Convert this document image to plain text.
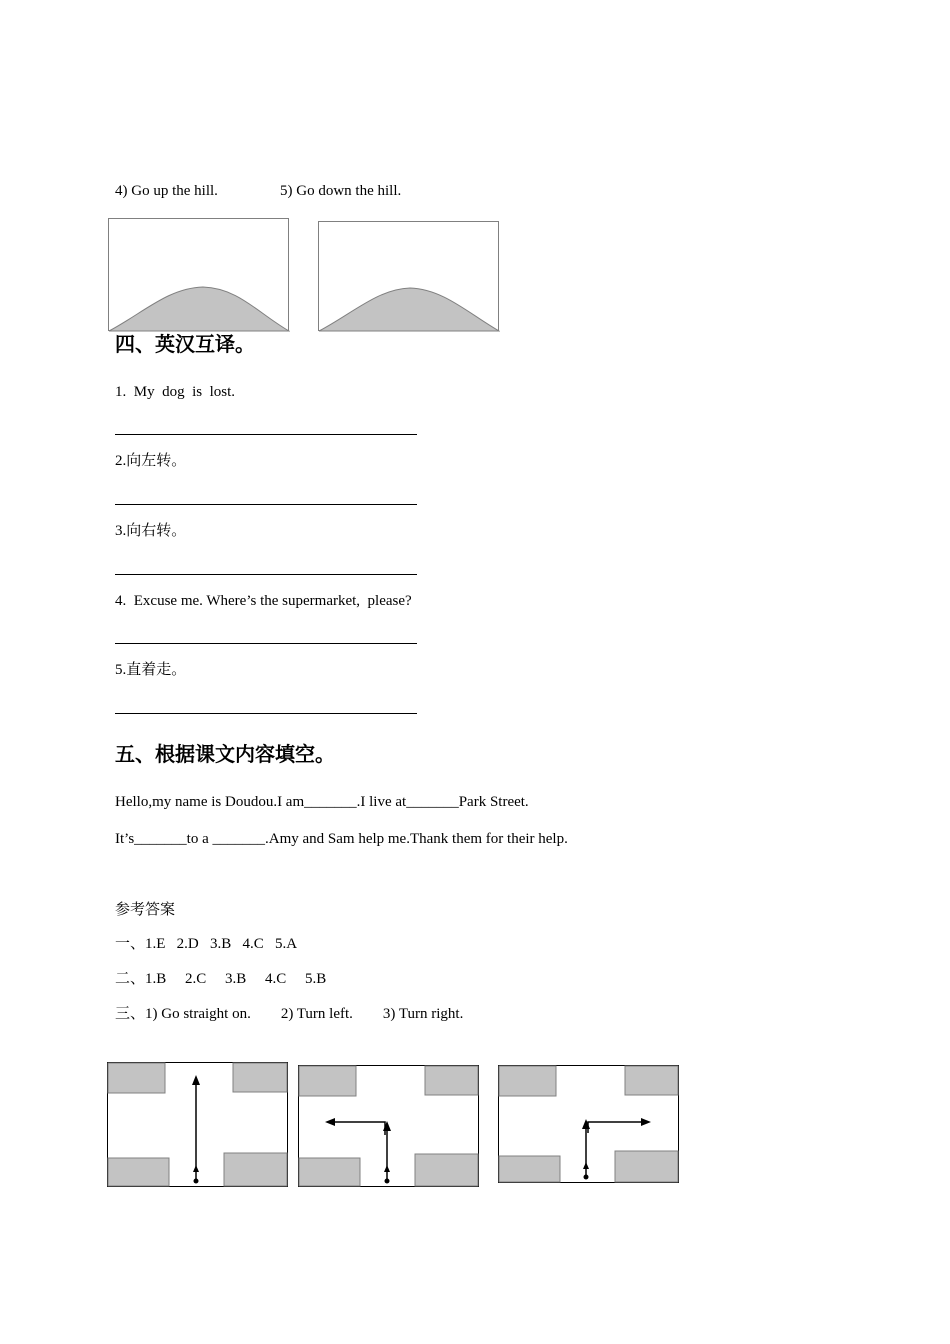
4) Go up the hill.	5) Go down the hill.
四、英汉互译。
1.  My  dog  is  lost.
2.向左转。
3.向右转。
4.  Excuse me. Where’s the supermarket,  please?
5.直着走。
五、根据课文内容填空。
Hello,my name is Doudou.I am_______.I live at_______Park Street.
It’s_______to a _______.Amy and Sam help me.Thank them for their help.
参考答案
一、1.E   2.D   3.B   4.C   5.A
二、1.B     2.C     3.B     4.C     5.B
三、1) Go straight on.        2) Turn left.        3) Turn right.
